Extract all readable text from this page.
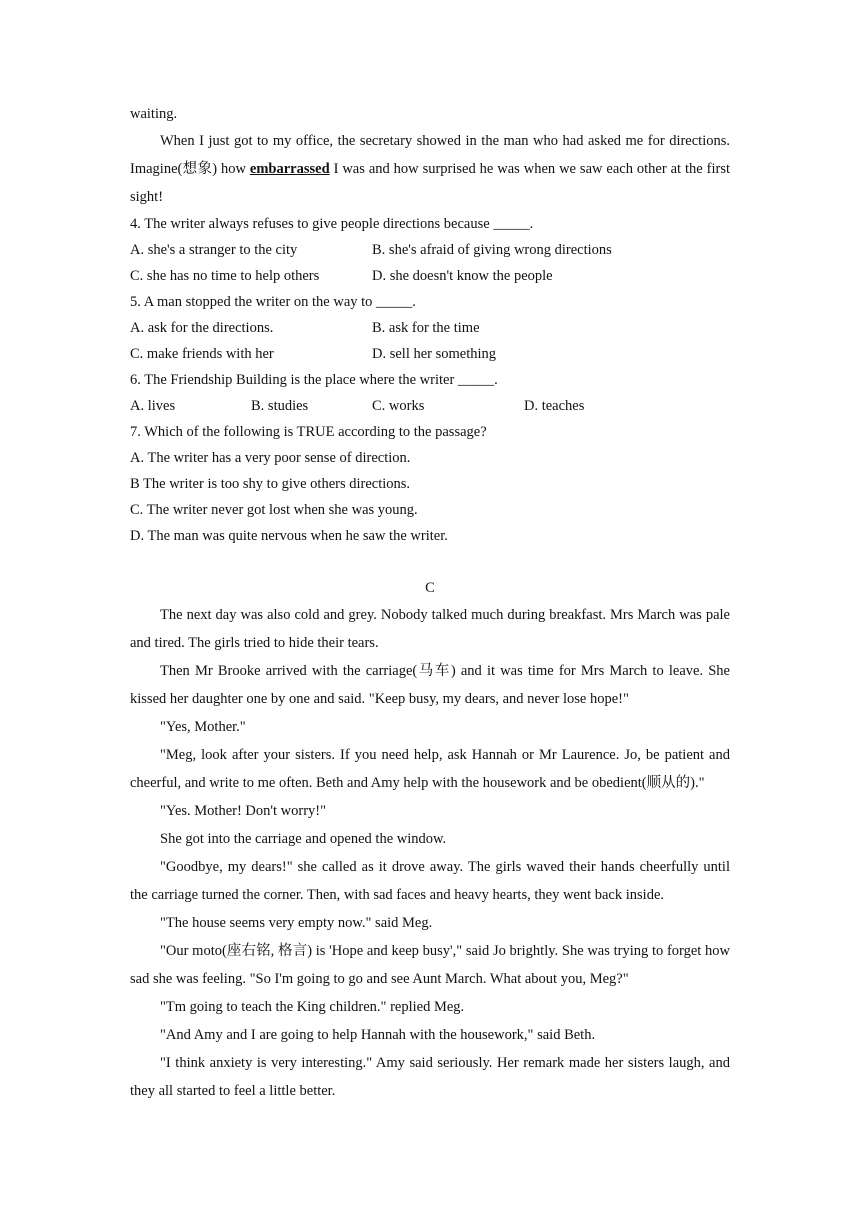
waiting.
When I just got to my office, the secretary showed in the man who had asked me for directions. Imagine(想象) how embarrassed I was and how surprised he was when we saw each other at the first sight!
4. The writer always refuses to give people directions because _____.
A. she's a stranger to the city	B. she's afraid of giving wrong directions
C. she has no time to help others	D. she doesn't know the people
5. A man stopped the writer on the way to _____.
A. ask for the directions.	B. ask for the time
C. make friends with her	D. sell her something
6. The Friendship Building is the place where the writer _____.
A. lives	B. studies	C. works	D. teaches
7. Which of the following is TRUE according to the passage?
A. The writer has a very poor sense of direction.
B The writer is too shy to give others directions.
C. The writer never got lost when she was young.
D. The man was quite nervous when he saw the writer.
C
The next day was also cold and grey. Nobody talked much during breakfast. Mrs March was pale and tired. The girls tried to hide their tears.
Then Mr Brooke arrived with the carriage(马车) and it was time for Mrs March to leave. She kissed her daughter one by one and said. "Keep busy, my dears, and never lose hope!"
"Yes, Mother."
"Meg, look after your sisters. If you need help, ask Hannah or Mr Laurence. Jo, be patient and cheerful, and write to me often. Beth and Amy help with the housework and be obedient(顺从的)."
"Yes. Mother! Don't worry!"
She got into the carriage and opened the window.
"Goodbye, my dears!" she called as it drove away. The girls waved their hands cheerfully until the carriage turned the corner. Then, with sad faces and heavy hearts, they went back inside.
"The house seems very empty now." said Meg.
"Our moto(座右铭, 格言) is 'Hope and keep busy'," said Jo brightly. She was trying to forget how sad she was feeling. "So I'm going to go and see Aunt March. What about you, Meg?"
"Tm going to teach the King children." replied Meg.
"And Amy and I are going to help Hannah with the housework," said Beth.
"I think anxiety is very interesting." Amy said seriously. Her remark made her sisters laugh, and they all started to feel a little better.
